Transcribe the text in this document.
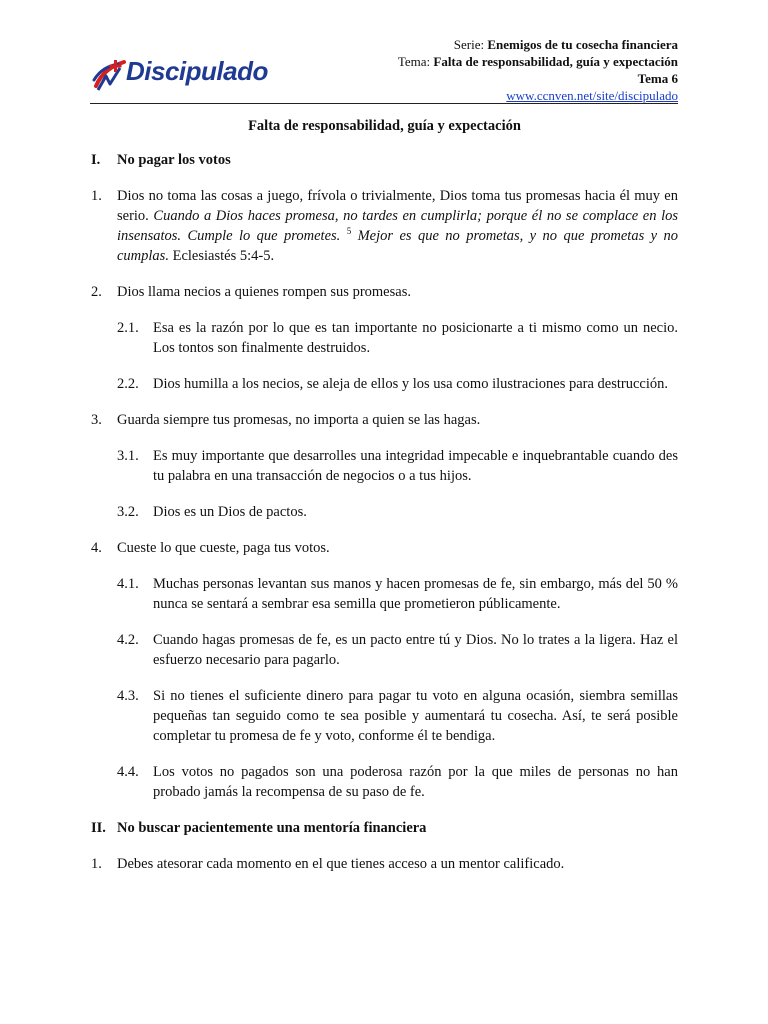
Discipulado
Serie: Enemigos de tu cosecha financiera
Tema: Falta de responsabilidad, guía y expectación
Tema 6
www.ccnven.net/site/discipulado
Falta de responsabilidad, guía y expectación
I.	No pagar los votos
1.	Dios no toma las cosas a juego, frívola o trivialmente, Dios toma tus promesas hacia él muy en serio. Cuando a Dios haces promesa, no tardes en cumplirla; porque él no se complace en los insensatos. Cumple lo que prometes. $^5$ Mejor es que no prometas, y no que prometas y no cumplas. Eclesiastés 5:4-5.
2.	Dios llama necios a quienes rompen sus promesas.
2.1. Esa es la razón por lo que es tan importante no posicionarte a ti mismo como un necio. Los tontos son finalmente destruidos.
2.2. Dios humilla a los necios, se aleja de ellos y los usa como ilustraciones para destrucción.
3.	Guarda siempre tus promesas, no importa a quien se las hagas.
3.1. Es muy importante que desarrolles una integridad impecable e inquebrantable cuando des tu palabra en una transacción de negocios o a tus hijos.
3.2. Dios es un Dios de pactos.
4.	Cueste lo que cueste, paga tus votos.
4.1. Muchas personas levantan sus manos y hacen promesas de fe, sin embargo, más del 50 % nunca se sentará a sembrar esa semilla que prometieron públicamente.
4.2. Cuando hagas promesas de fe, es un pacto entre tú y Dios. No lo trates a la ligera. Haz el esfuerzo necesario para pagarlo.
4.3. Si no tienes el suficiente dinero para pagar tu voto en alguna ocasión, siembra semillas pequeñas tan seguido como te sea posible y aumentará tu cosecha. Así, te será posible completar tu promesa de fe y voto, conforme él te bendiga.
4.4. Los votos no pagados son una poderosa razón por la que miles de personas no han probado jamás la recompensa de su paso de fe.
II. No buscar pacientemente una mentoría financiera
1.	Debes atesorar cada momento en el que tienes acceso a un mentor calificado.
